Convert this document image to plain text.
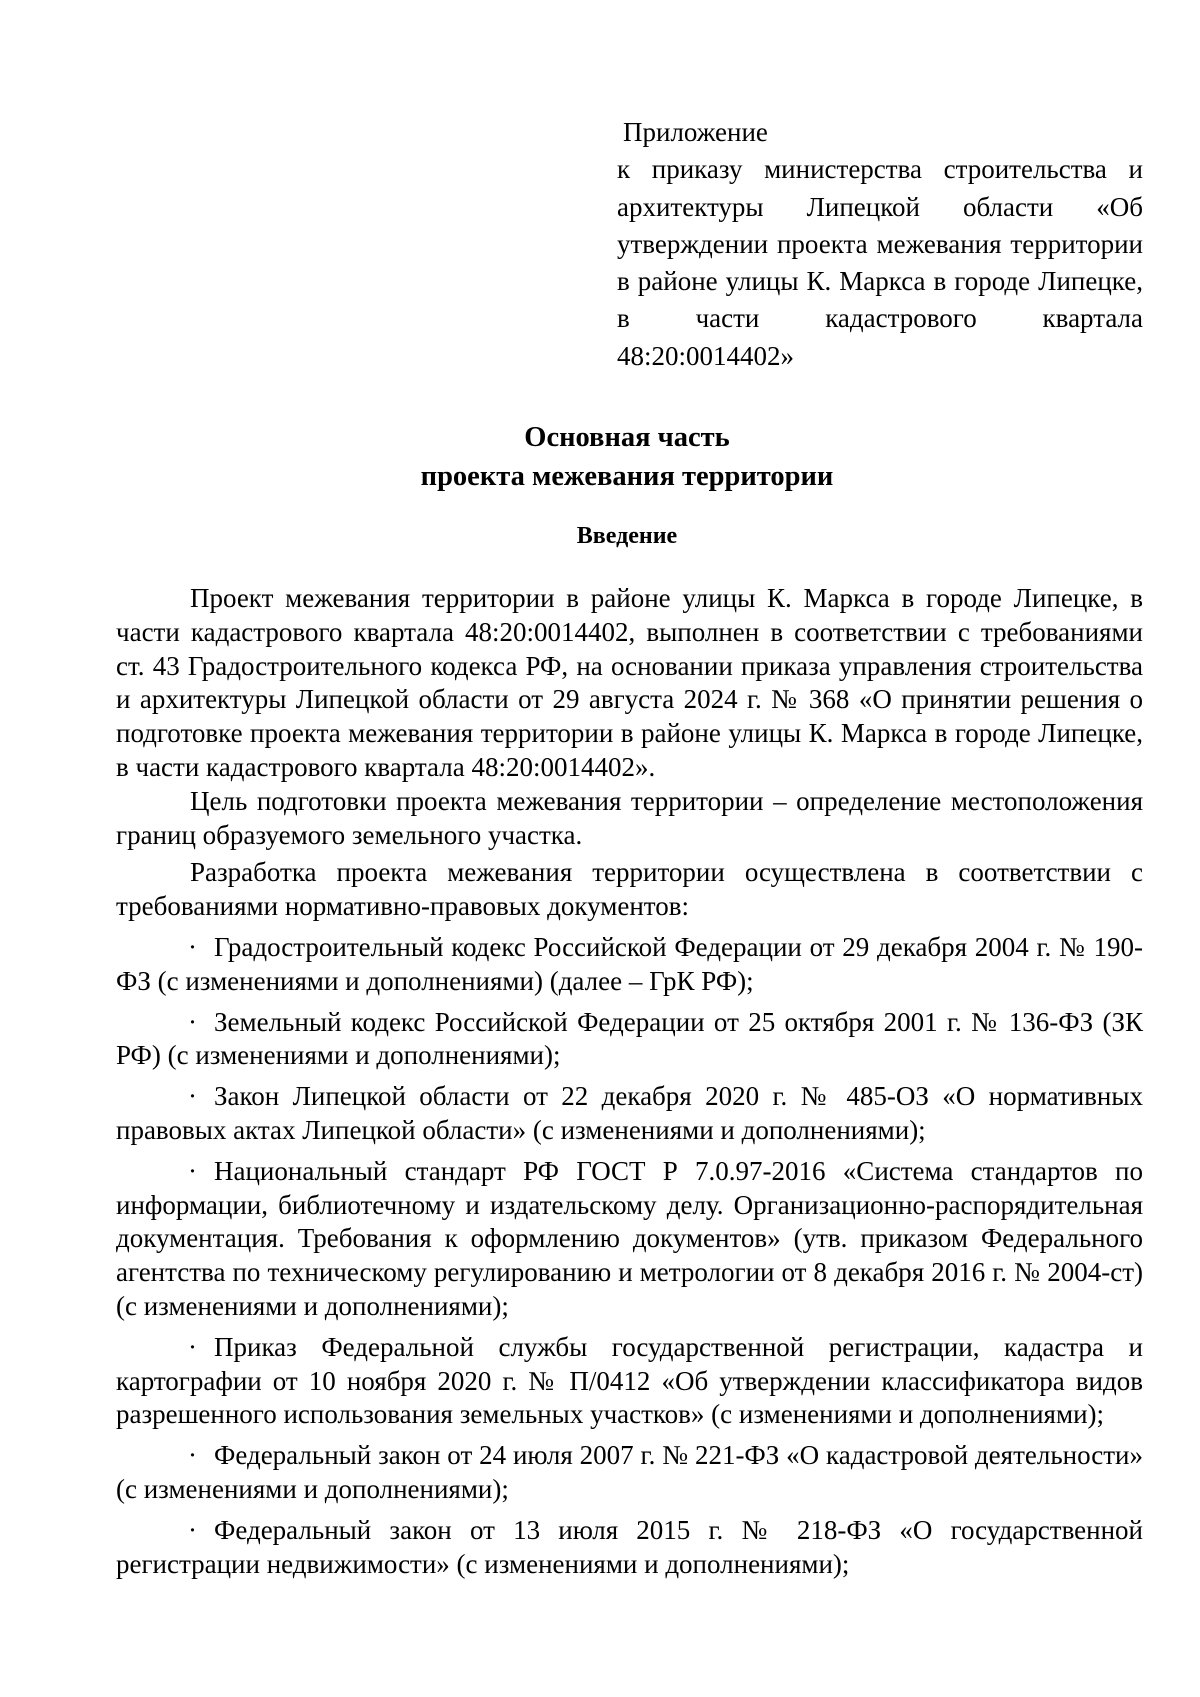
Приложение

к приказу министерства строительства и архитектуры Липецкой области «Об утверждении проекта межевания территории в районе улицы К. Маркса в городе Липецке, в части кадастрового квартала 48:20:0014402»

Основная часть
проекта межевания территории
Введение

Проект межевания территории в районе улицы К. Маркса в городе Липецке, в части кадастрового квартала 48:20:0014402, выполнен в соответствии с требованиями ст. 43 Градостроительного кодекса РФ, на основании приказа управления строительства и архитектуры Липецкой области от 29 августа 2024 г. № 368 «О принятии решения о подготовке проекта межевания территории в районе улицы К. Маркса в городе Липецке, в части кадастрового квартала 48:20:0014402».

Цель подготовки проекта межевания территории – определение местоположения границ образуемого земельного участка.

Разработка проекта межевания территории осуществлена в соответствии с требованиями нормативно-правовых документов:

· Градостроительный кодекс Российской Федерации от 29 декабря 2004 г. № 190-ФЗ (с изменениями и дополнениями) (далее – ГрК РФ);

· Земельный кодекс Российской Федерации от 25 октября 2001 г. № 136-ФЗ (ЗК РФ) (с изменениями и дополнениями);

· Закон Липецкой области от 22 декабря 2020 г. № 485-ОЗ «О нормативных правовых актах Липецкой области» (с изменениями и дополнениями);

· Национальный стандарт РФ ГОСТ Р 7.0.97-2016 «Система стандартов по информации, библиотечному и издательскому делу. Организационно-распорядительная документация. Требования к оформлению документов» (утв. приказом Федерального агентства по техническому регулированию и метрологии от 8 декабря 2016 г. № 2004-ст) (с изменениями и дополнениями);

· Приказ Федеральной службы государственной регистрации, кадастра и картографии от 10 ноября 2020 г. № П/0412 «Об утверждении классификатора видов разрешенного использования земельных участков» (с изменениями и дополнениями);

· Федеральный закон от 24 июля 2007 г. № 221-ФЗ «О кадастровой деятельности» (с изменениями и дополнениями);

· Федеральный закон от 13 июля 2015 г. № 218-ФЗ «О государственной регистрации недвижимости» (с изменениями и дополнениями);
